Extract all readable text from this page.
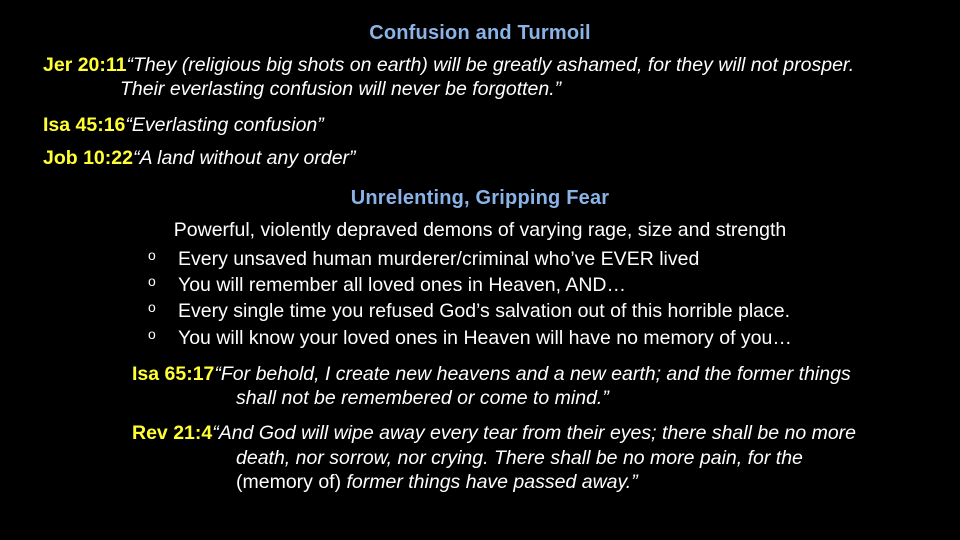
Confusion and Turmoil
Jer 20:11“They (religious big shots on earth) will be greatly ashamed, for they will not prosper. Their everlasting confusion will never be forgotten.”
Isa 45:16“Everlasting confusion”
Job 10:22“A land without any order”
Unrelenting, Gripping Fear
Powerful, violently depraved demons of varying rage, size and strength
o Every unsaved human murderer/criminal who’ve EVER lived
o You will remember all loved ones in Heaven, AND…
o Every single time you refused God’s salvation out of this horrible place.
o You will know your loved ones in Heaven will have no memory of you…
Isa 65:17“For behold, I create new heavens and a new earth; and the former things shall not be remembered or come to mind.”
Rev 21:4“And God will wipe away every tear from their eyes; there shall be no more death, nor sorrow, nor crying. There shall be no more pain, for the (memory of) former things have passed away.”
